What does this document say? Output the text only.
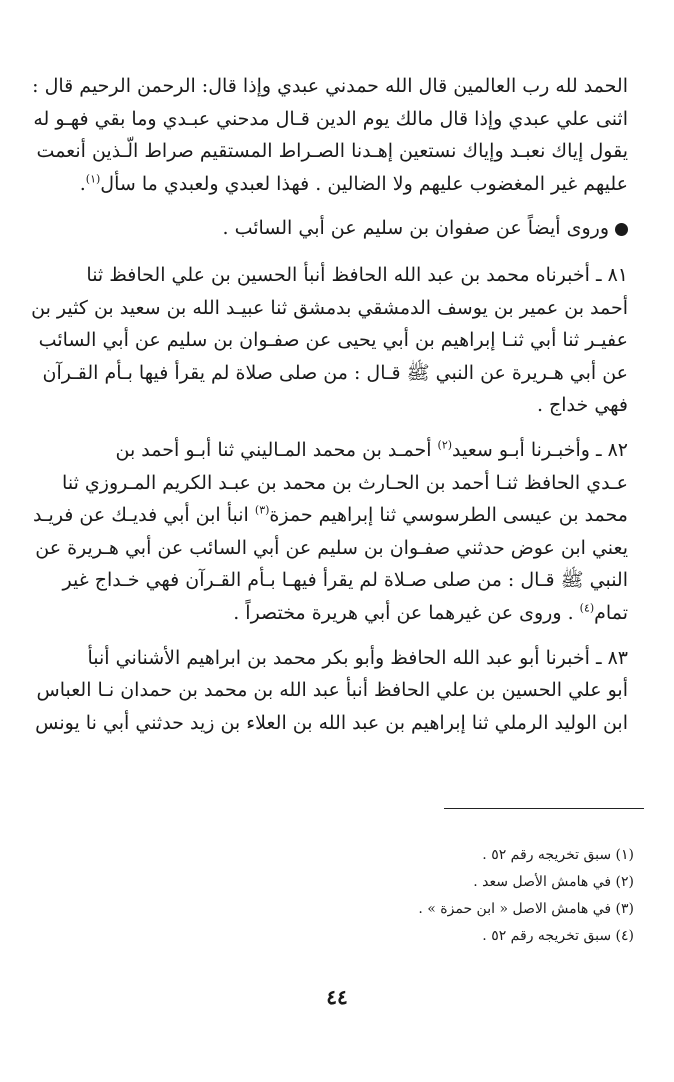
الحمد لله رب العالمين قال الله حمدني عبدي وإذا قال: الرحمن الرحيم قال :
اثنى علي عبدي وإذا قال مالك يوم الدين قـال مدحني عبـدي وما بقي فهـو له
يقول إياك نعبـد وإياك نستعين إهـدنا الصـراط المستقيم صراط الّـذين أنعمت
عليهم غير المغضوب عليهم ولا الضالين . فهذا لعبدي ولعبدي ما سأل$^{(١)}$.

وروى أيضاً عن صفوان بن سليم عن أبي السائب .

٨١ ـ أخبرناه محمد بن عبد الله الحافظ أنبأ الحسين بن علي الحافظ ثنا
أحمد بن عمير بن يوسف الدمشقي بدمشق ثنا عبيـد الله بن سعيد بن كثير بن
عفيـر ثنا أبي ثنـا إبراهيم بن أبي يحيى عن صفـوان بن سليم عن أبي السائب
عن أبي هـريرة عن النبي ﷺ قـال : من صلى صلاة لم يقرأ فيها بـأم القـرآن
فهي خداج .

٨٢ ـ وأخبـرنا أبـو سعيد$^{(٢)}$ أحمـد بن محمد المـاليني ثنا أبـو أحمد بن
عـدي الحافظ ثنـا أحمد بن الحـارث بن محمد بن عبـد الكريم المـروزي ثنا
محمد بن عيسى الطرسوسي ثنا إبراهيم حمزة$^{(٣)}$ انبأ ابن أبي فديـك عن فريـد
يعني ابن عوض حدثني صفـوان بن سليم عن أبي السائب عن أبي هـريرة عن
النبي ﷺ قـال : من صلى صـلاة لم يقرأ فيهـا بـأم القـرآن فهي خـداج غير
تمام$^{(٤)}$ . وروى عن غيرهما عن أبي هريرة مختصراً .

٨٣ ـ أخبرنا أبو عبد الله الحافظ وأبو بكر محمد بن ابراهيم الأشناني أنبأ
أبو علي الحسين بن علي الحافظ أنبأ عبد الله بن محمد بن حمدان نـا العباس
ابن الوليد الرملي ثنا إبراهيم بن عبد الله بن العلاء بن زيد حدثني أبي نا يونس

(١) سبق تخريجه رقم ٥٢ .
(٢) في هامش الأصل سعد .
(٣) في هامش الاصل « ابن حمزة » .
(٤) سبق تخريجه رقم ٥٢ .
٤٤
